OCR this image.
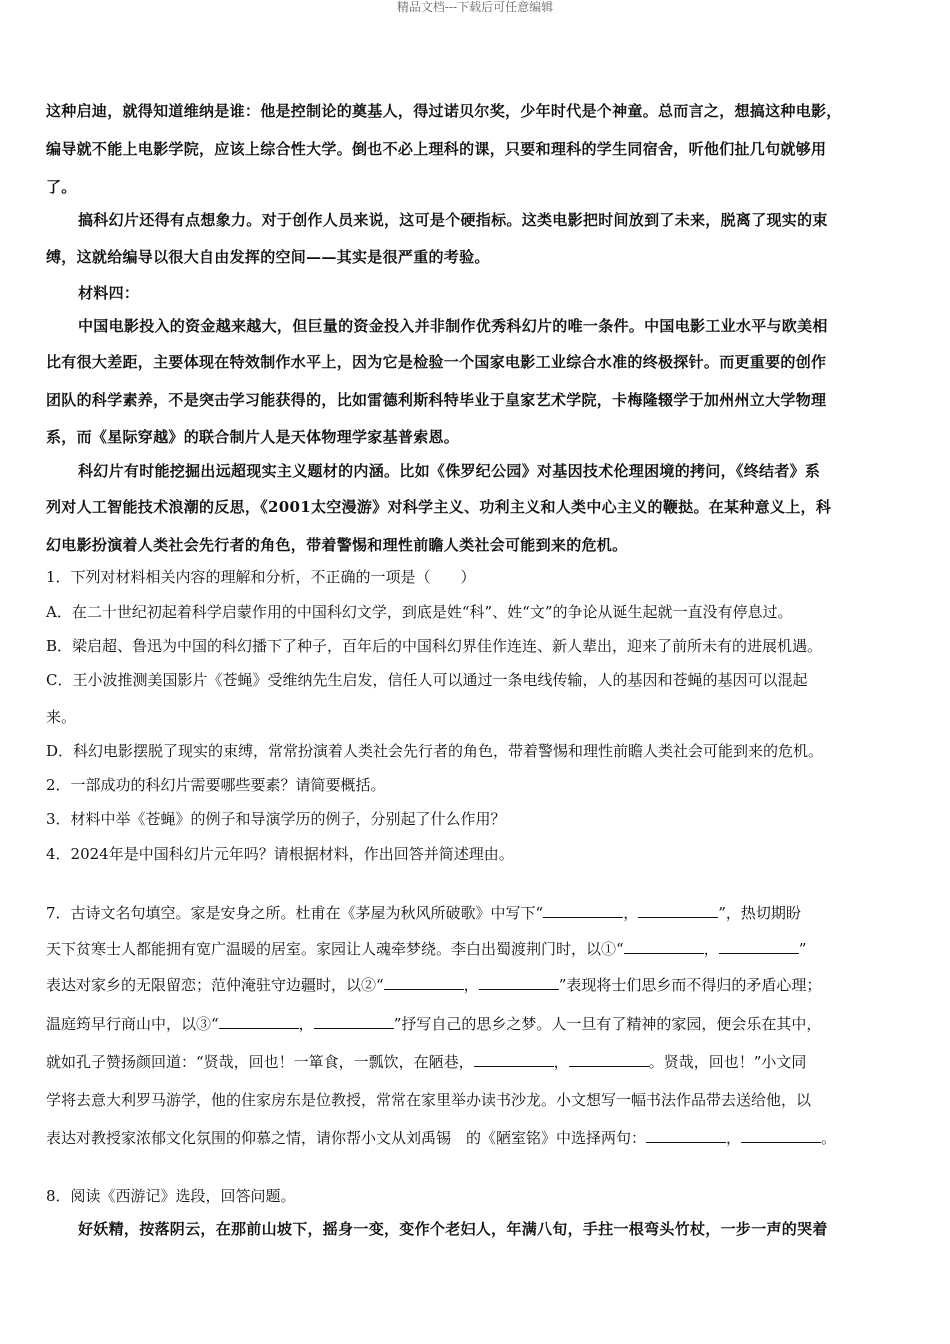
精品文档---下载后可任意编辑
这种启迪，就得知道维纳是谁：他是控制论的奠基人，得过诺贝尔奖，少年时代是个神童。总而言之，想搞这种电影，
编导就不能上电影学院，应该上综合性大学。倒也不必上理科的课，只要和理科的学生同宿舍，听他们扯几句就够用
了。
搞科幻片还得有点想象力。对于创作人员来说，这可是个硬指标。这类电影把时间放到了未来，脱离了现实的束
缚，这就给编导以很大自由发挥的空间——其实是很严重的考验。
材料四：
中国电影投入的资金越来越大，但巨量的资金投入并非制作优秀科幻片的唯一条件。中国电影工业水平与欧美相
比有很大差距，主要体现在特效制作水平上，因为它是检验一个国家电影工业综合水准的终极探针。而更重要的创作
团队的科学素养，不是突击学习能获得的，比如雷德利斯科特毕业于皇家艺术学院，卡梅隆辍学于加州州立大学物理
系，而《星际穿越》的联合制片人是天体物理学家基普索恩。
科幻片有时能挖掘出远超现实主义题材的内涵。比如《侏罗纪公园》对基因技术伦理困境的拷问，《终结者》系
列对人工智能技术浪潮的反思，《2001太空漫游》对科学主义、功利主义和人类中心主义的鞭挞。在某种意义上，科
幻电影扮演着人类社会先行者的角色，带着警惕和理性前瞻人类社会可能到来的危机。
1．下列对材料相关内容的理解和分析，不正确的一项是（　　）
A．在二十世纪初起着科学启蒙作用的中国科幻文学，到底是姓“科”、姓“文”的争论从诞生起就一直没有停息过。
B．梁启超、鲁迅为中国的科幻播下了种子，百年后的中国科幻界佳作连连、新人辈出，迎来了前所未有的进展机遇。
C．王小波推测美国影片《苍蝇》受维纳先生启发，信任人可以通过一条电线传输，人的基因和苍蝇的基因可以混起
来。
D．科幻电影摆脱了现实的束缚，常常扮演着人类社会先行者的角色，带着警惕和理性前瞻人类社会可能到来的危机。
2．一部成功的科幻片需要哪些要素？请简要概括。
3．材料中举《苍蝇》的例子和导演学历的例子，分别起了什么作用？
4．2024年是中国科幻片元年吗？请根据材料，作出回答并简述理由。
7．古诗文名句填空。家是安身之所。杜甫在《茅屋为秋风所破歌》中写下“	，	”，热切期盼
天下贫寒士人都能拥有宽广温暖的居室。家园让人魂牵梦绕。李白出蜀渡荆门时，以①“	，	”
表达对家乡的无限留恋；范仲淹驻守边疆时，以②“	，	”表现将士们思乡而不得归的矛盾心理；
温庭筠早行商山中，以③“	，	”抒写自己的思乡之梦。人一旦有了精神的家园，便会乐在其中，
就如孔子赞扬颜回道：“贤哉，回也！一箪食，一瓢饮，在陋巷，	，	。贤哉，回也！”小文同
学将去意大利罗马游学，他的住家房东是位教授，常常在家里举办读书沙龙。小文想写一幅书法作品带去送给他，以
表达对教授家浓郁文化氛围的仰慕之情，请你帮小文从刘禹锡　的《陋室铭》中选择两句：	，	。
8．阅读《西游记》选段，回答问题。
好妖精，按落阴云，在那前山坡下，摇身一变，变作个老妇人，年满八旬，手拄一根弯头竹杖，一步一声的哭着
